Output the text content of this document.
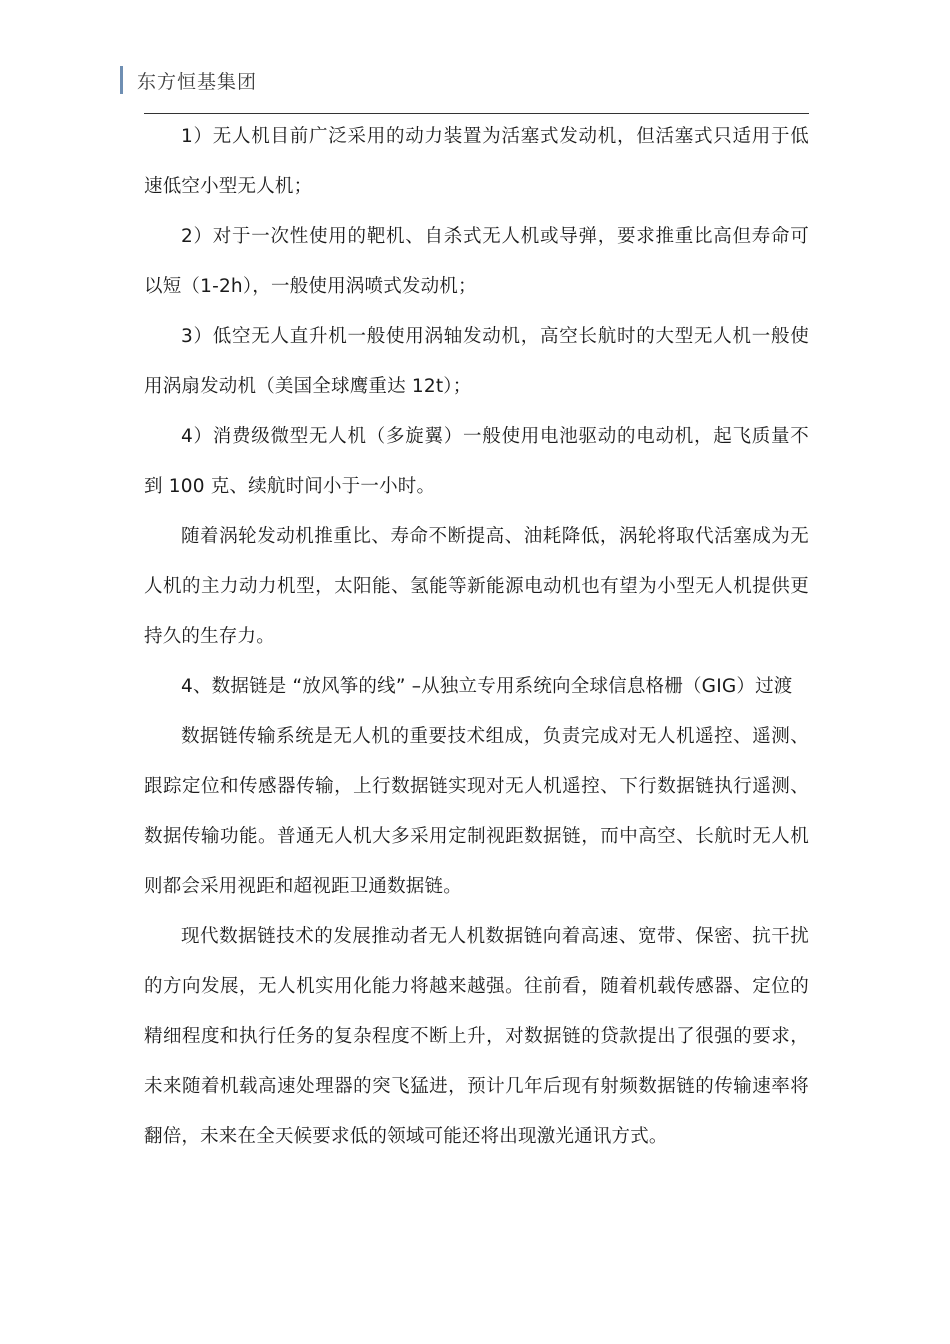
东方恒基集团

1）无人机目前广泛采用的动力装置为活塞式发动机，但活塞式只适用于低速低空小型无人机；

2）对于一次性使用的靶机、自杀式无人机或导弹，要求推重比高但寿命可以短（1-2h），一般使用涡喷式发动机；

3）低空无人直升机一般使用涡轴发动机，高空长航时的大型无人机一般使用涡扇发动机（美国全球鹰重达 12t）；

4）消费级微型无人机（多旋翼）一般使用电池驱动的电动机，起飞质量不到 100 克、续航时间小于一小时。

随着涡轮发动机推重比、寿命不断提高、油耗降低，涡轮将取代活塞成为无人机的主力动力机型，太阳能、氢能等新能源电动机也有望为小型无人机提供更持久的生存力。

4、数据链是 “放风筝的线” –从独立专用系统向全球信息格栅（GIG）过渡

数据链传输系统是无人机的重要技术组成，负责完成对无人机遥控、遥测、跟踪定位和传感器传输，上行数据链实现对无人机遥控、下行数据链执行遥测、数据传输功能。普通无人机大多采用定制视距数据链，而中高空、长航时无人机则都会采用视距和超视距卫通数据链。

现代数据链技术的发展推动者无人机数据链向着高速、宽带、保密、抗干扰的方向发展，无人机实用化能力将越来越强。往前看，随着机载传感器、定位的精细程度和执行任务的复杂程度不断上升，对数据链的贷款提出了很强的要求，未来随着机载高速处理器的突飞猛进，预计几年后现有射频数据链的传输速率将翻倍，未来在全天候要求低的领域可能还将出现激光通讯方式。
